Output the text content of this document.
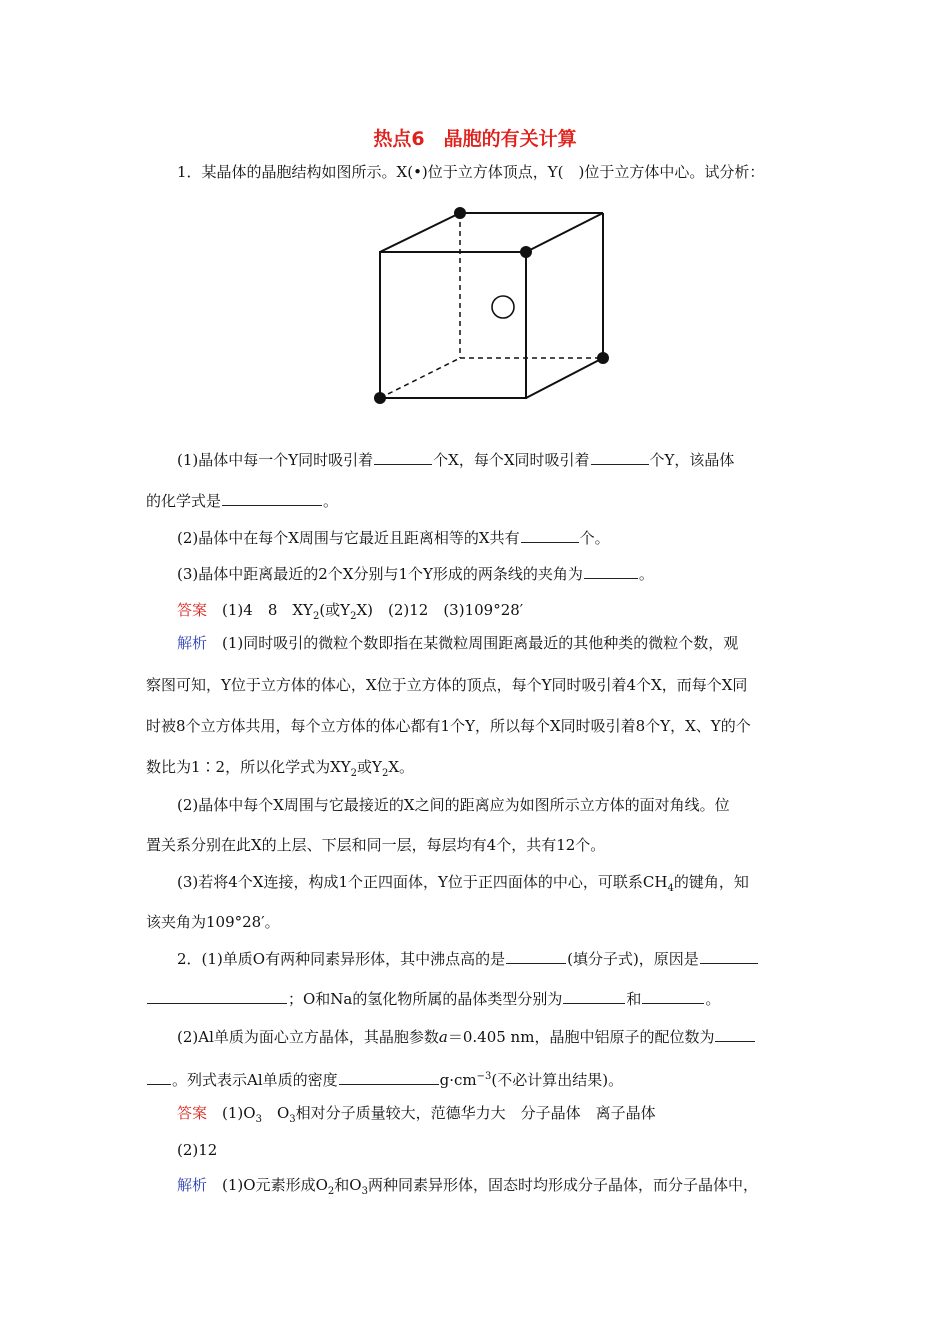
热点6　晶胞的有关计算
1．某晶体的晶胞结构如图所示。X(•)位于立方体顶点，Y(　)位于立方体中心。试分析：
(1)晶体中每一个Y同时吸引着	个X，每个X同时吸引着	个Y，该晶体
的化学式是	。
(2)晶体中在每个X周围与它最近且距离相等的X共有	个。
(3)晶体中距离最近的2个X分别与1个Y形成的两条线的夹角为	。
答案　 (1)4　8　$XY_2$(或$Y_2X$)　(2)12　(3)109°28′
解析　 (1)同时吸引的微粒个数即指在某微粒周围距离最近的其他种类的微粒个数，观
察图可知，Y位于立方体的体心，X位于立方体的顶点，每个Y同时吸引着4个X，而每个X同
时被8个立方体共用，每个立方体的体心都有1个Y，所以每个X同时吸引着8个Y，X、Y的个
数比为1∶2，所以化学式为$XY_2$或$Y_2X$。
(2)晶体中每个X周围与它最接近的X之间的距离应为如图所示立方体的面对角线。位
置关系分别在此X的上层、下层和同一层，每层均有4个，共有12个。
(3)若将4个X连接，构成1个正四面体，Y位于正四面体的中心，可联系$CH_4$的键角，知
该夹角为109°28′。
2．(1)单质O有两种同素异形体，其中沸点高的是	(填分子式)，原因是
；O和Na的氢化物所属的晶体类型分别为	和	。
(2)Al单质为面心立方晶体，其晶胞参数a＝0.405 nm，晶胞中铝原子的配位数为
。列式表示Al单质的密度	$g\cdot cm^{-3}$(不必计算出结果)。
答案　 $(1)O_3$　$O_3$相对分子质量较大，范德华力大　分子晶体　离子晶体
(2)12
解析　 (1)O元素形成$O_2$和$O_3$两种同素异形体，固态时均形成分子晶体，而分子晶体中，
